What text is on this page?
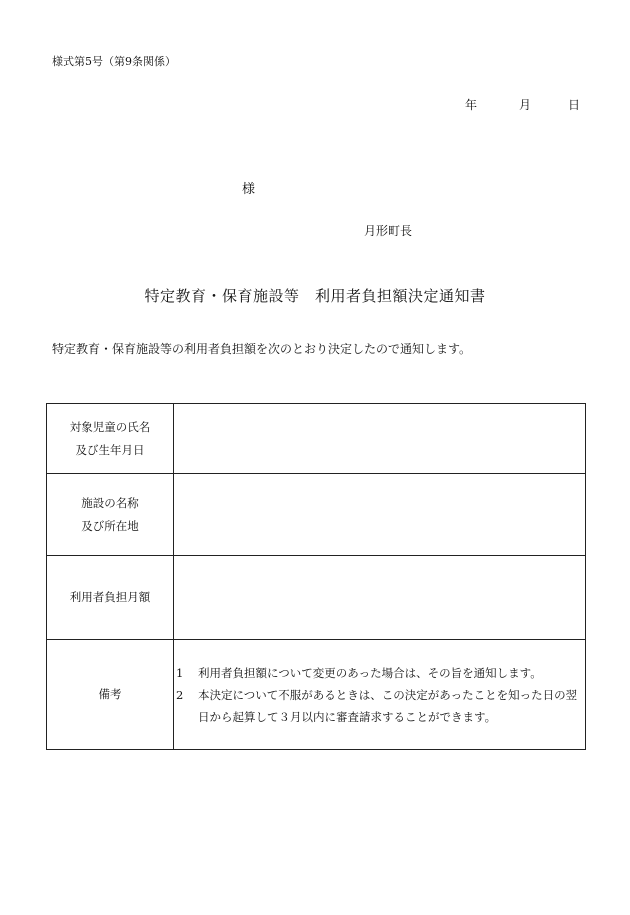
様式第5号（第9条関係）
年	月	日
様
月形町長
特定教育・保育施設等　利用者負担額決定通知書
特定教育・保育施設等の利用者負担額を次のとおり決定したので通知します。
対象児童の氏名
及び生年月日	

施設の名称
及び所在地	

利用者負担月額	

備考	1 利用者負担額について変更のあった場合は、その旨を通知します。
2 本決定について不服があるときは、この決定があったことを知った日の翌日から起算して３月以内に審査請求することができます。
